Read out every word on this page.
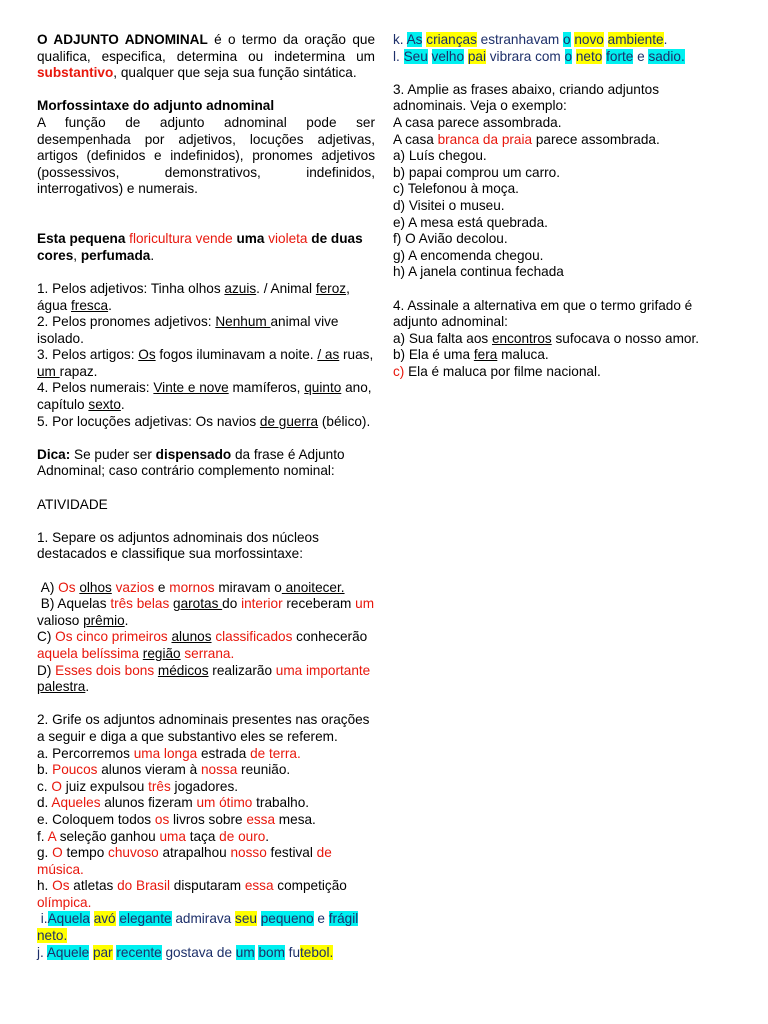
O ADJUNTO ADNOMINAL é o termo da oração que qualifica, especifica, determina ou indetermina um substantivo, qualquer que seja sua função sintática.

Morfossintaxe do adjunto adnominal

A função de adjunto adnominal pode ser desempenhada por adjetivos, locuções adjetivas, artigos (definidos e indefinidos), pronomes adjetivos (possessivos, demonstrativos, indefinidos, interrogativos) e numerais.

Esta pequena floricultura vende uma violeta de duas cores, perfumada.

1. Pelos adjetivos: Tinha olhos azuis. / Animal feroz, água fresca.

2. Pelos pronomes adjetivos: Nenhum animal vive isolado.

3. Pelos artigos: Os fogos iluminavam a noite. / as ruas, um rapaz.

4. Pelos numerais: Vinte e nove mamíferos, quinto ano, capítulo sexto.

5. Por locuções adjetivas: Os navios de guerra (bélico).

Dica: Se puder ser dispensado da frase é Adjunto Adnominal; caso contrário complemento nominal:

ATIVIDADE

1. Separe os adjuntos adnominais dos núcleos destacados e classifique sua morfossintaxe:

A) Os olhos vazios e mornos miravam o anoitecer.

B) Aquelas três belas garotas do interior receberam um valioso prêmio.

C) Os cinco primeiros alunos classificados conhecerão aquela belíssima região serrana.

D) Esses dois bons médicos realizarão uma importante palestra.

2. Grife os adjuntos adnominais presentes nas orações a seguir e diga a que substantivo eles se referem.

a. Percorremos uma longa estrada de terra.

b. Poucos alunos vieram à nossa reunião.

c. O juiz expulsou três jogadores.

d. Aqueles alunos fizeram um ótimo trabalho.

e. Coloquem todos os livros sobre essa mesa.

f. A seleção ganhou uma taça de ouro.

g. O tempo chuvoso atrapalhou nosso festival de música.

h. Os atletas do Brasil disputaram essa competição olímpica.

i.Aquela avó elegante admirava seu pequeno e frágil neto.

j. Aquele par recente gostava de um bom futebol.

k. As crianças estranhavam o novo ambiente.

l. Seu velho pai vibrara com o neto forte e sadio.

3. Amplie as frases abaixo, criando adjuntos adnominais. Veja o exemplo:

A casa parece assombrada.

A casa branca da praia parece assombrada.

a) Luís chegou.

b) papai comprou um carro.

c) Telefonou à moça.

d) Visitei o museu.

e) A mesa está quebrada.

f) O Avião decolou.

g) A encomenda chegou.

h) A janela continua fechada

4. Assinale a alternativa em que o termo grifado é adjunto adnominal:

a) Sua falta aos encontros sufocava o nosso amor.

b) Ela é uma fera maluca.

c) Ela é maluca por filme nacional.
